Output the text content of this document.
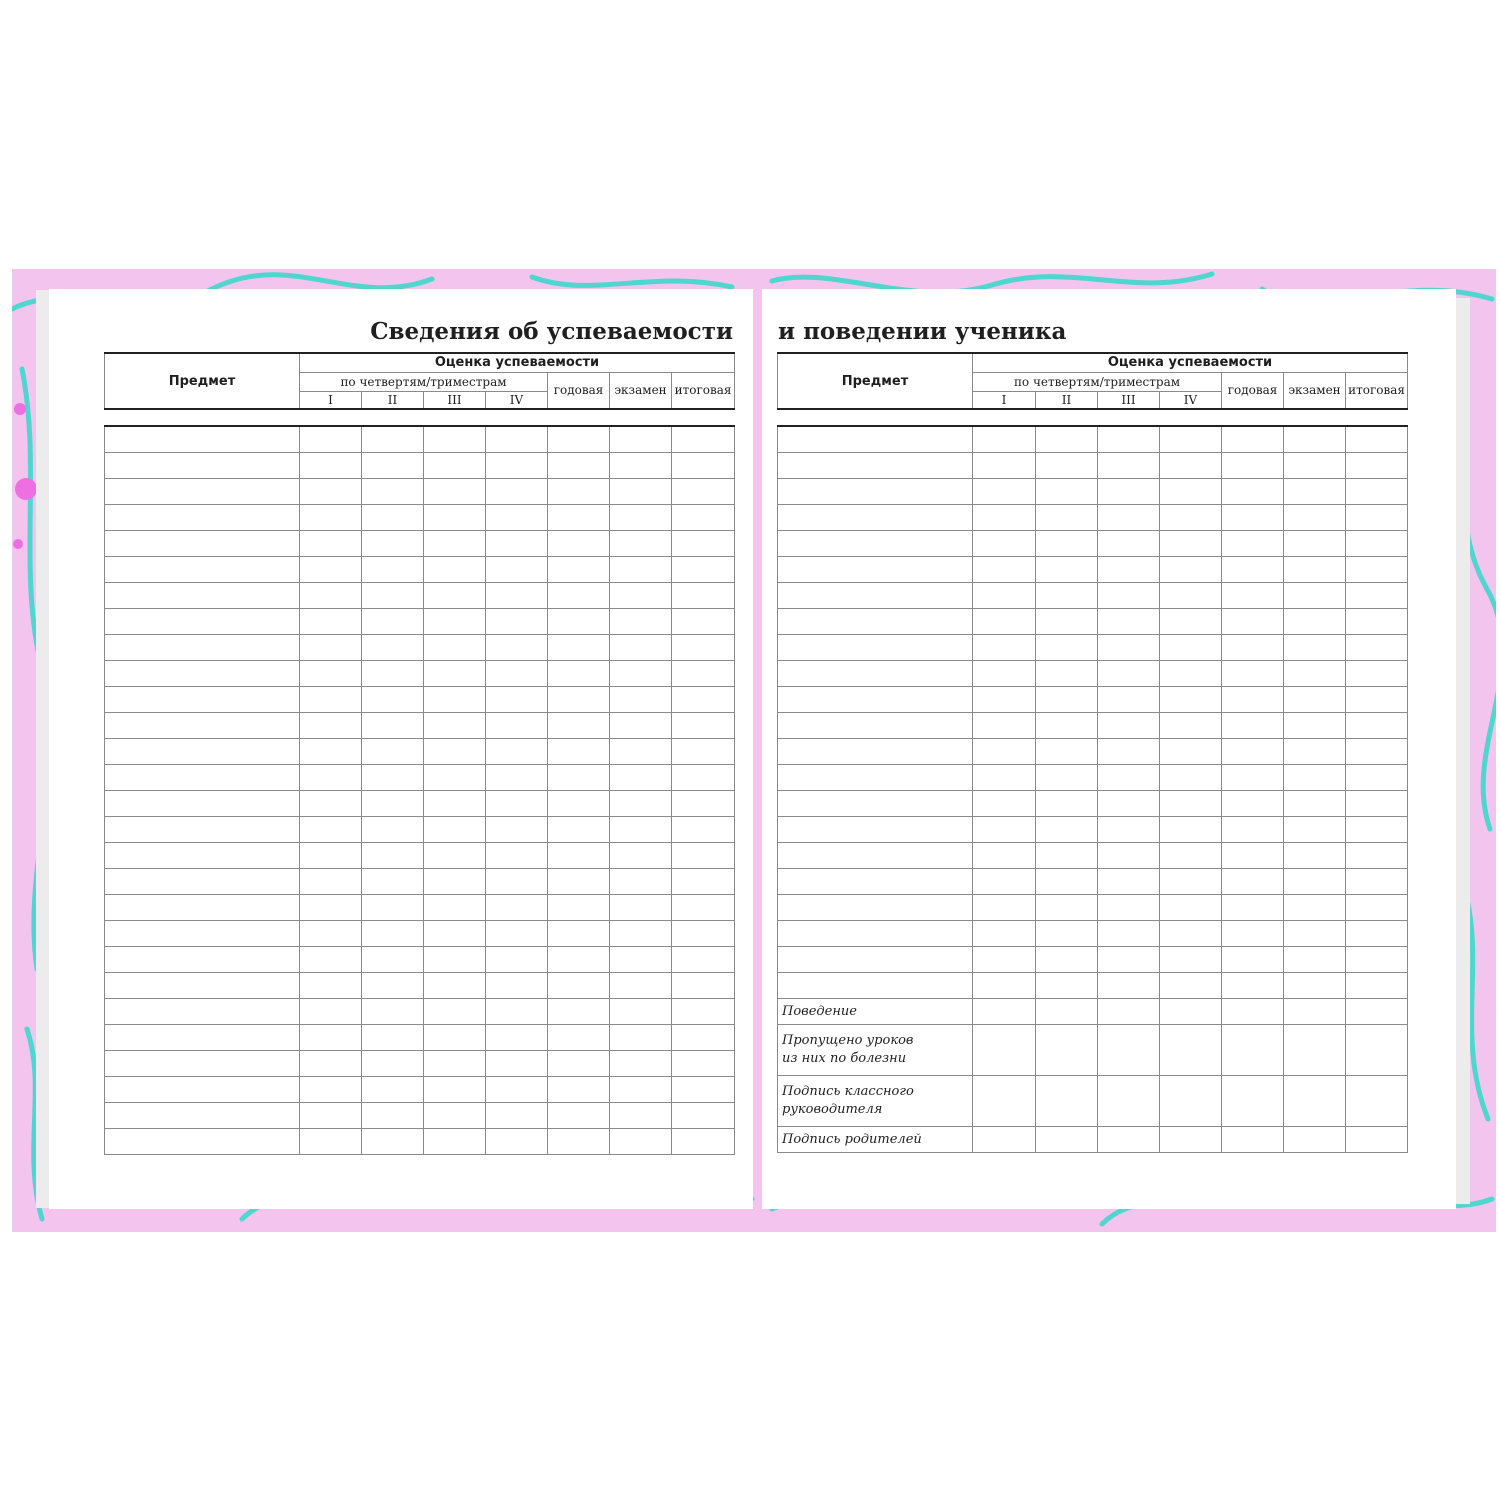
Сведения об успеваемости и поведении ученика
Предмет	Оценка успеваемости						
	по четвертям/триместрам				годовая	экзамен	итоговая
	I	II	III	IV			

Предмет	Оценка успеваемости						
	по четвертям/триместрам				годовая	экзамен	итоговая
	I	II	III	IV			

Поведение							

Пропущено уроков
из них по болезни							

Подпись классного
руководителя							

Подпись родителей							
